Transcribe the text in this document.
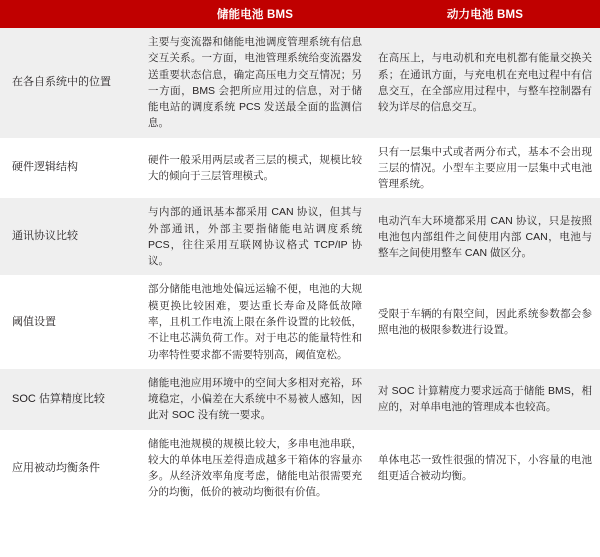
	储能电池 BMS	动力电池 BMS
在各自系统中的位置	主要与变流器和储能电池调度管理系统有信息交互关系。一方面，电池管理系统给变流器发送重要状态信息，确定高压电力交互情况；另一方面，BMS 会把所应用过的信息，对于储能电站的调度系统 PCS 发送最全面的监测信息。	在高压上，与电动机和充电机都有能量交换关系；在通讯方面，与充电机在充电过程中有信息交互，在全部应用过程中，与整车控制器有较为详尽的信息交互。
硬件逻辑结构	硬件一般采用两层或者三层的模式，规模比较大的倾向于三层管理模式。	只有一层集中式或者两分布式，基本不会出现三层的情况。小型车主要应用一层集中式电池管理系统。
通讯协议比较	与内部的通讯基本都采用 CAN 协议，但其与外部通讯，外部主要指储能电站调度系统 PCS，往往采用互联网协议格式 TCP/IP 协议。	电动汽车大环境都采用 CAN 协议，只是按照电池包内部组件之间使用内部 CAN，电池与整车之间使用整车 CAN 做区分。
阈值设置	部分储能电池地处偏远运输不便，电池的大规模更换比较困难，要达重长寿命及降低故障率，且机工作电流上限在条件设置的比较低，不让电芯满负荷工作。对于电芯的能量特性和功率特性要求都不需要特别高，阈值宽松。	受限于车辆的有限空间，因此系统参数都会参照电池的极限参数进行设置。
SOC 估算精度比较	储能电池应用环境中的空间大多相对充裕，环境稳定，小偏差在大系统中不易被人感知，因此对 SOC 没有统一要求。	对 SOC 计算精度力要求远高于储能 BMS，相应的，对单串电池的管理成本也较高。
应用被动均衡条件	储能电池规模的规模比较大，多串电池串联，较大的单体电压差得造成越多干箱体的容量亦多。从经济效率角度考虑，储能电站很需要充分的均衡，低价的被动均衡很有价值。	单体电芯一致性很强的情况下，小容量的电池组更适合被动均衡。
